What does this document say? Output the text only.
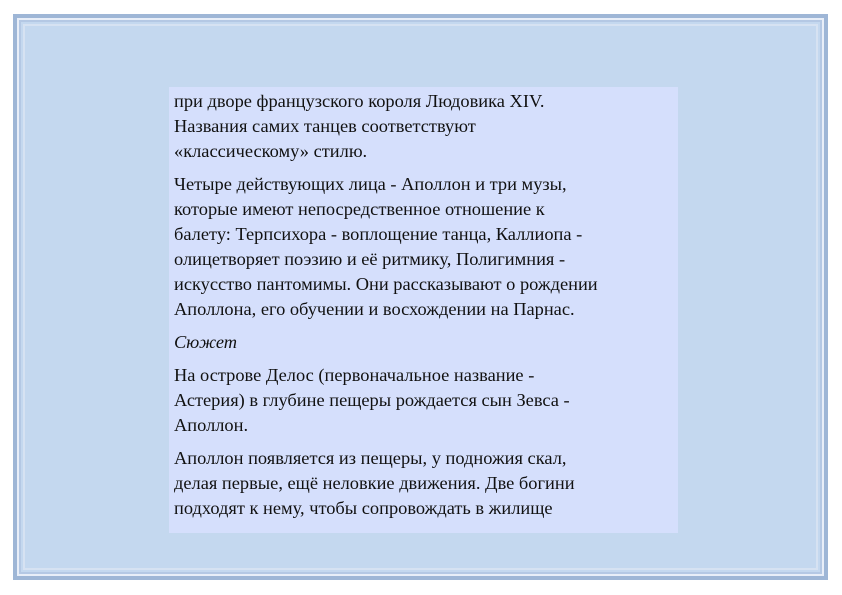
при дворе французского короля Людовика XIV.
Названия самих танцев соответствуют
«классическому» стилю.

Четыре действующих лица - Аполлон и три музы,
которые имеют непосредственное отношение к
балету: Терпсихора - воплощение танца, Каллиопа -
олицетворяет поэзию и её ритмику, Полигимния -
искусство пантомимы. Они рассказывают о рождении
Аполлона, его обучении и восхождении на Парнас.

Сюжет

На острове Делос (первоначальное название -
Астерия) в глубине пещеры рождается сын Зевса -
Аполлон.

Аполлон появляется из пещеры, у подножия скал,
делая первые, ещё неловкие движения. Две богини
подходят к нему, чтобы сопровождать в жилище
